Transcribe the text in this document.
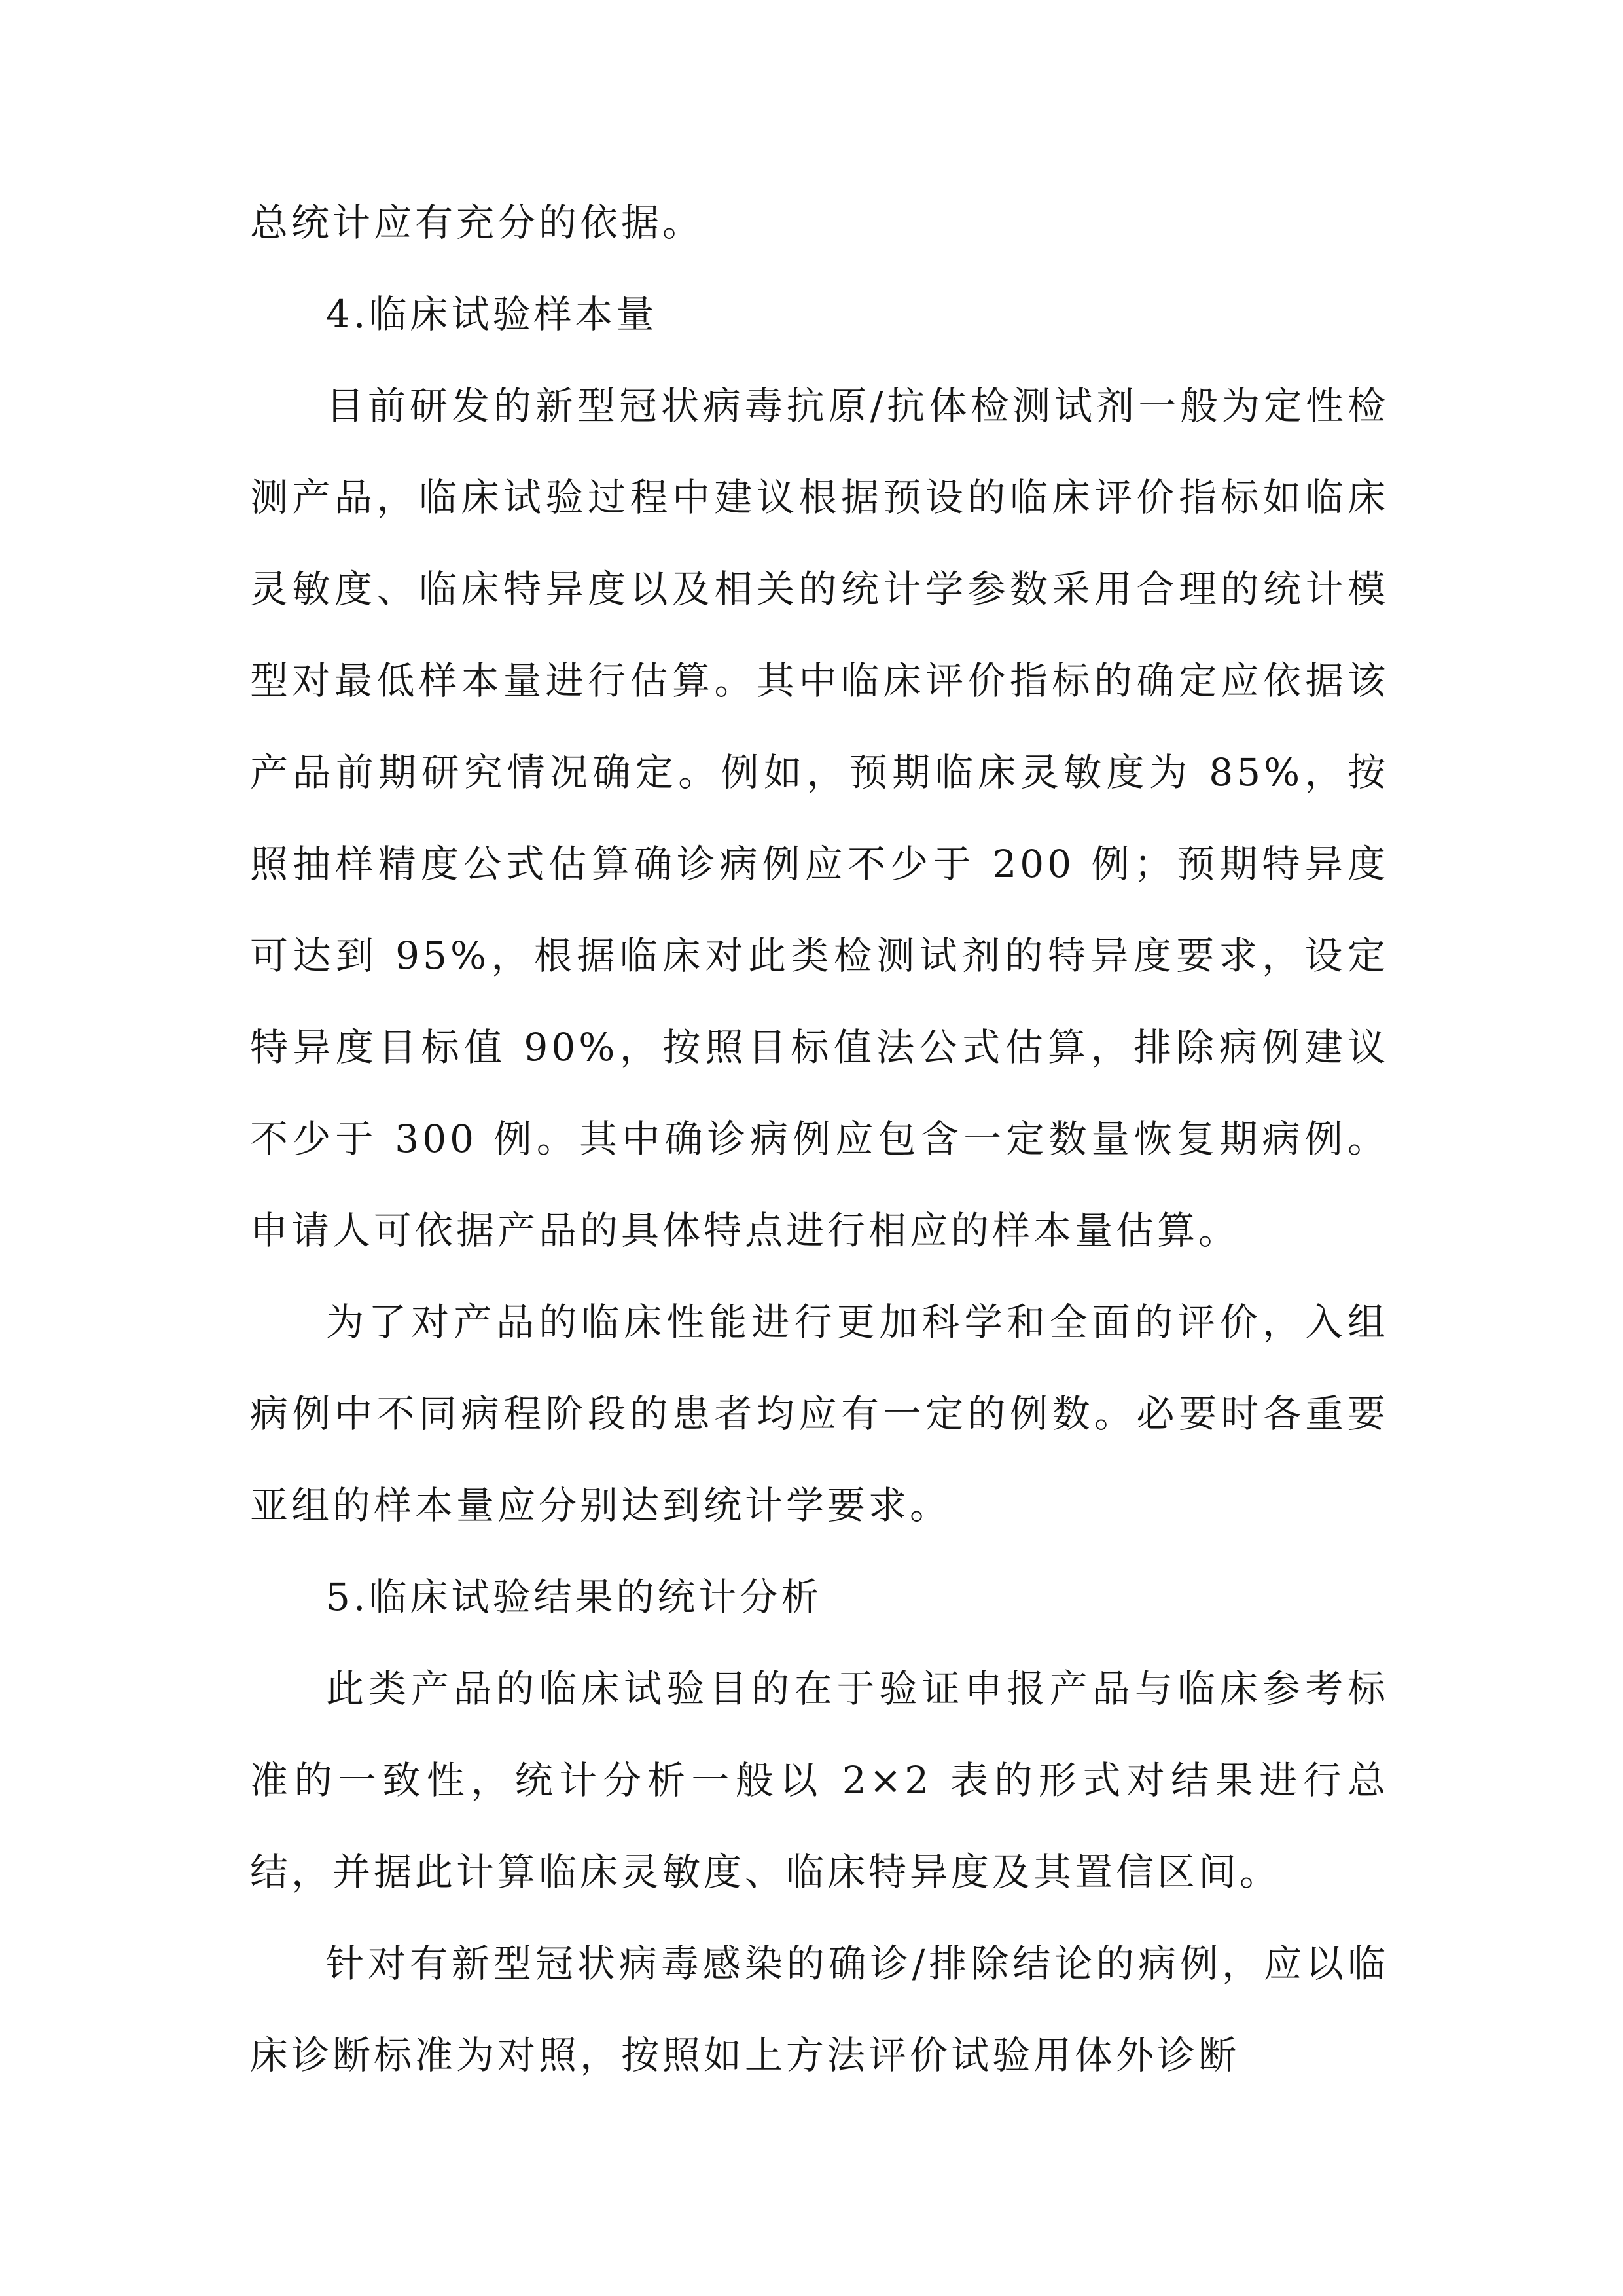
总统计应有充分的依据。

4.临床试验样本量

目前研发的新型冠状病毒抗原/抗体检测试剂一般为定性检测产品，临床试验过程中建议根据预设的临床评价指标如临床灵敏度、临床特异度以及相关的统计学参数采用合理的统计模型对最低样本量进行估算。其中临床评价指标的确定应依据该产品前期研究情况确定。例如，预期临床灵敏度为 85%，按照抽样精度公式估算确诊病例应不少于 200 例；预期特异度可达到 95%，根据临床对此类检测试剂的特异度要求，设定特异度目标值 90%，按照目标值法公式估算，排除病例建议不少于 300 例。其中确诊病例应包含一定数量恢复期病例。申请人可依据产品的具体特点进行相应的样本量估算。

为了对产品的临床性能进行更加科学和全面的评价，入组病例中不同病程阶段的患者均应有一定的例数。必要时各重要亚组的样本量应分别达到统计学要求。

5.临床试验结果的统计分析

此类产品的临床试验目的在于验证申报产品与临床参考标准的一致性，统计分析一般以 2×2 表的形式对结果进行总结，并据此计算临床灵敏度、临床特异度及其置信区间。

针对有新型冠状病毒感染的确诊/排除结论的病例，应以临床诊断标准为对照，按照如上方法评价试验用体外诊断
